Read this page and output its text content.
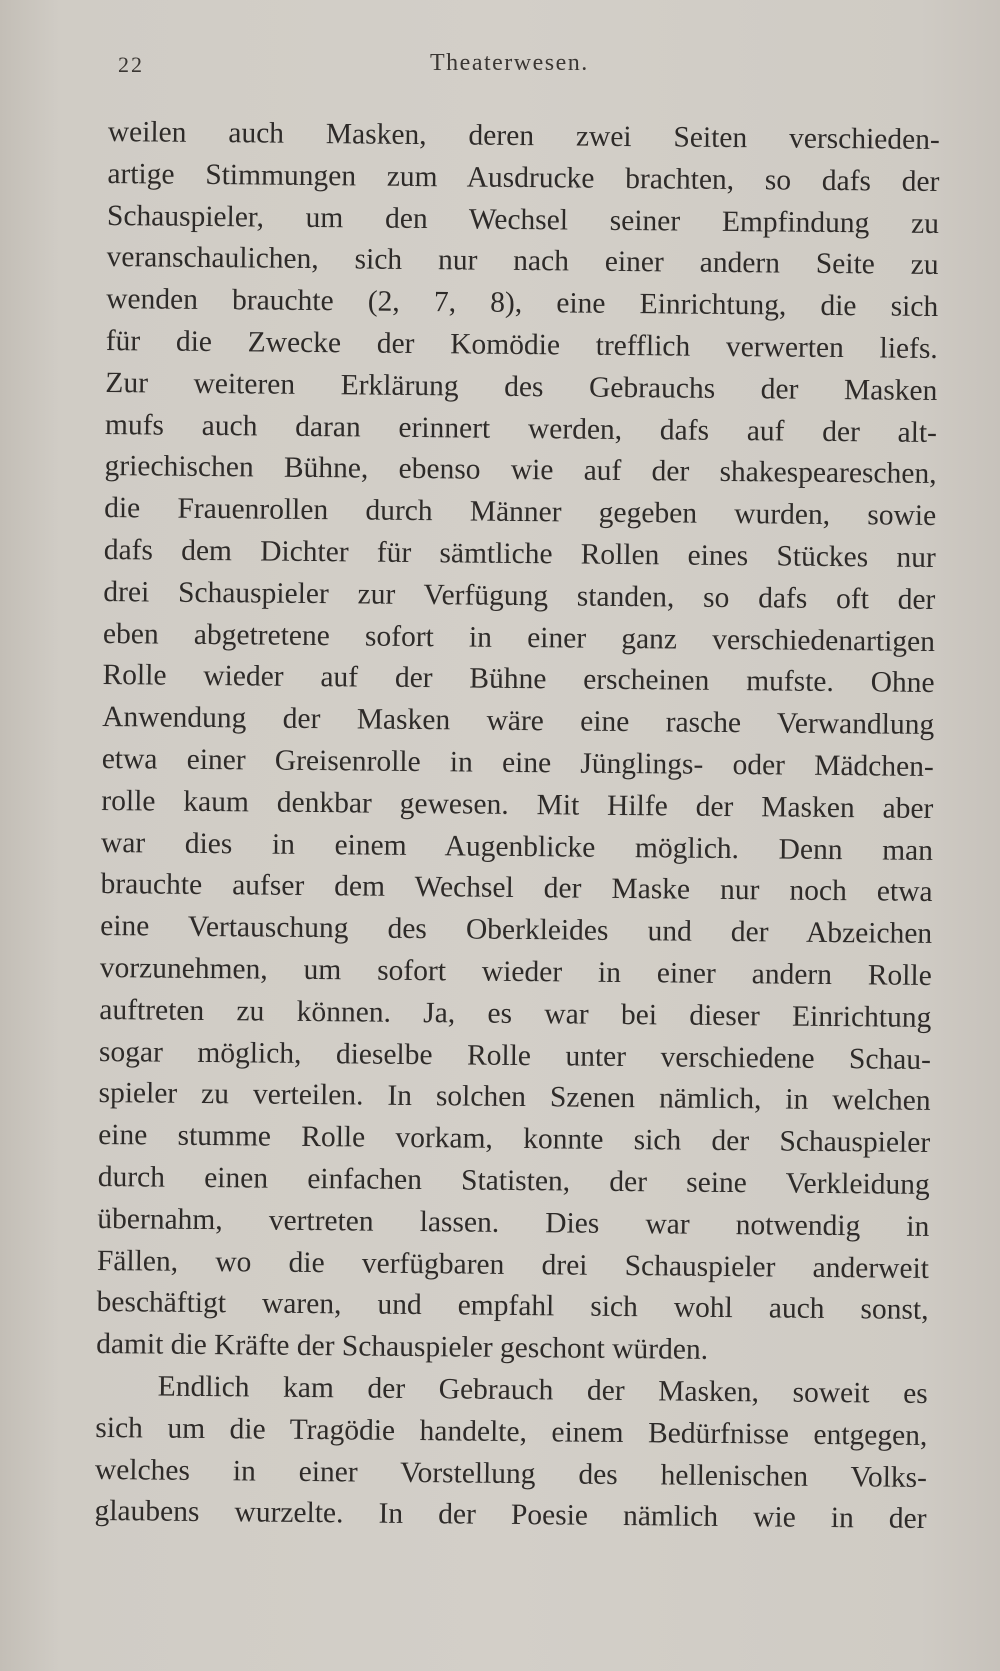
22	Theaterwesen.
weilen auch Masken, deren zwei Seiten verschieden-
artige Stimmungen zum Ausdrucke brachten, so dafs der
Schauspieler, um den Wechsel seiner Empfindung zu
veranschaulichen, sich nur nach einer andern Seite zu
wenden brauchte (2, 7, 8), eine Einrichtung, die sich
für die Zwecke der Komödie trefflich verwerten liefs.
Zur weiteren Erklärung des Gebrauchs der Masken
mufs auch daran erinnert werden, dafs auf der alt-
griechischen Bühne, ebenso wie auf der shakespeareschen,
die Frauenrollen durch Männer gegeben wurden, sowie
dafs dem Dichter für sämtliche Rollen eines Stückes nur
drei Schauspieler zur Verfügung standen, so dafs oft der
eben abgetretene sofort in einer ganz verschiedenartigen
Rolle wieder auf der Bühne erscheinen mufste. Ohne
Anwendung der Masken wäre eine rasche Verwandlung
etwa einer Greisenrolle in eine Jünglings- oder Mädchen-
rolle kaum denkbar gewesen. Mit Hilfe der Masken aber
war dies in einem Augenblicke möglich. Denn man
brauchte aufser dem Wechsel der Maske nur noch etwa
eine Vertauschung des Oberkleides und der Abzeichen
vorzunehmen, um sofort wieder in einer andern Rolle
auftreten zu können. Ja, es war bei dieser Einrichtung
sogar möglich, dieselbe Rolle unter verschiedene Schau-
spieler zu verteilen. In solchen Szenen nämlich, in welchen
eine stumme Rolle vorkam, konnte sich der Schauspieler
durch einen einfachen Statisten, der seine Verkleidung
übernahm, vertreten lassen. Dies war notwendig in
Fällen, wo die verfügbaren drei Schauspieler anderweit
beschäftigt waren, und empfahl sich wohl auch sonst,
damit die Kräfte der Schauspieler geschont würden.
Endlich kam der Gebrauch der Masken, soweit es
sich um die Tragödie handelte, einem Bedürfnisse entgegen,
welches in einer Vorstellung des hellenischen Volks-
glaubens wurzelte. In der Poesie nämlich wie in der
